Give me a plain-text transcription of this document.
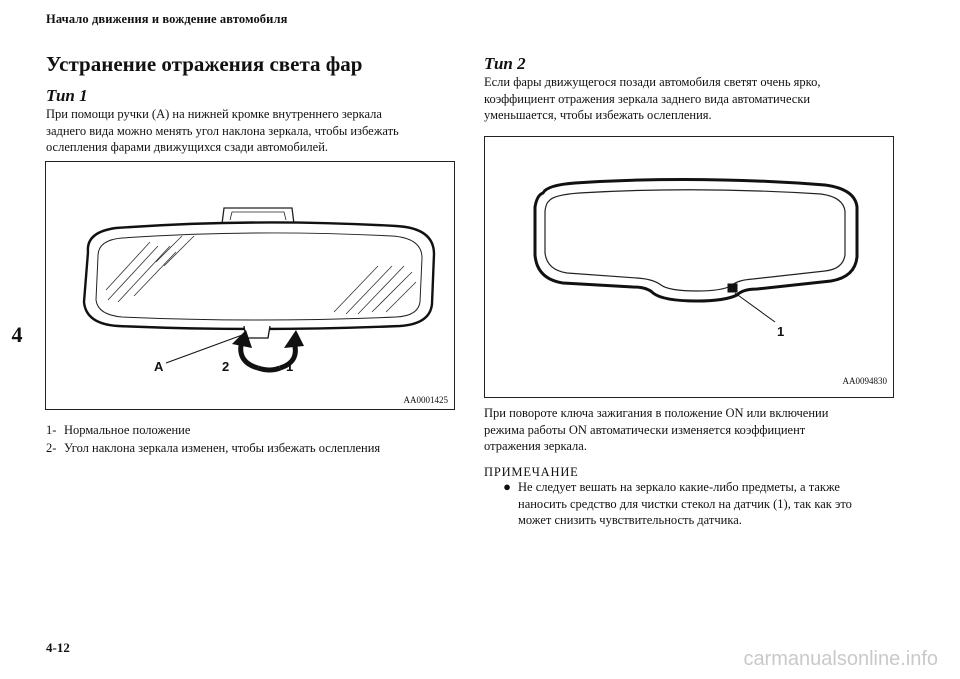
Начало движения и вождение автомобиля
Устранение отражения света фар
4
Тип 1
При помощи ручки (A) на нижней кромке внутреннего зеркала
заднего вида можно менять угол наклона зеркала, чтобы избежать
ослепления фарами движущихся сзади автомобилей.
A	2	1
AA0001425
1- Нормальное положение
2- Угол наклона зеркала изменен, чтобы избежать ослепления
Тип 2
Если фары движущегося позади автомобиля светят очень ярко,
коэффициент отражения зеркала заднего вида автоматически
уменьшается, чтобы избежать ослепления.
1
AA0094830
При повороте ключа зажигания в положение ON или включении
режима работы ON автоматически изменяется коэффициент
отражения зеркала.
ПРИМЕЧАНИЕ
● Не следует вешать на зеркало какие-либо предметы, а также
наносить средство для чистки стекол на датчик (1), так как это
может снизить чувствительность датчика.
4-12
carmanualsonline.info
